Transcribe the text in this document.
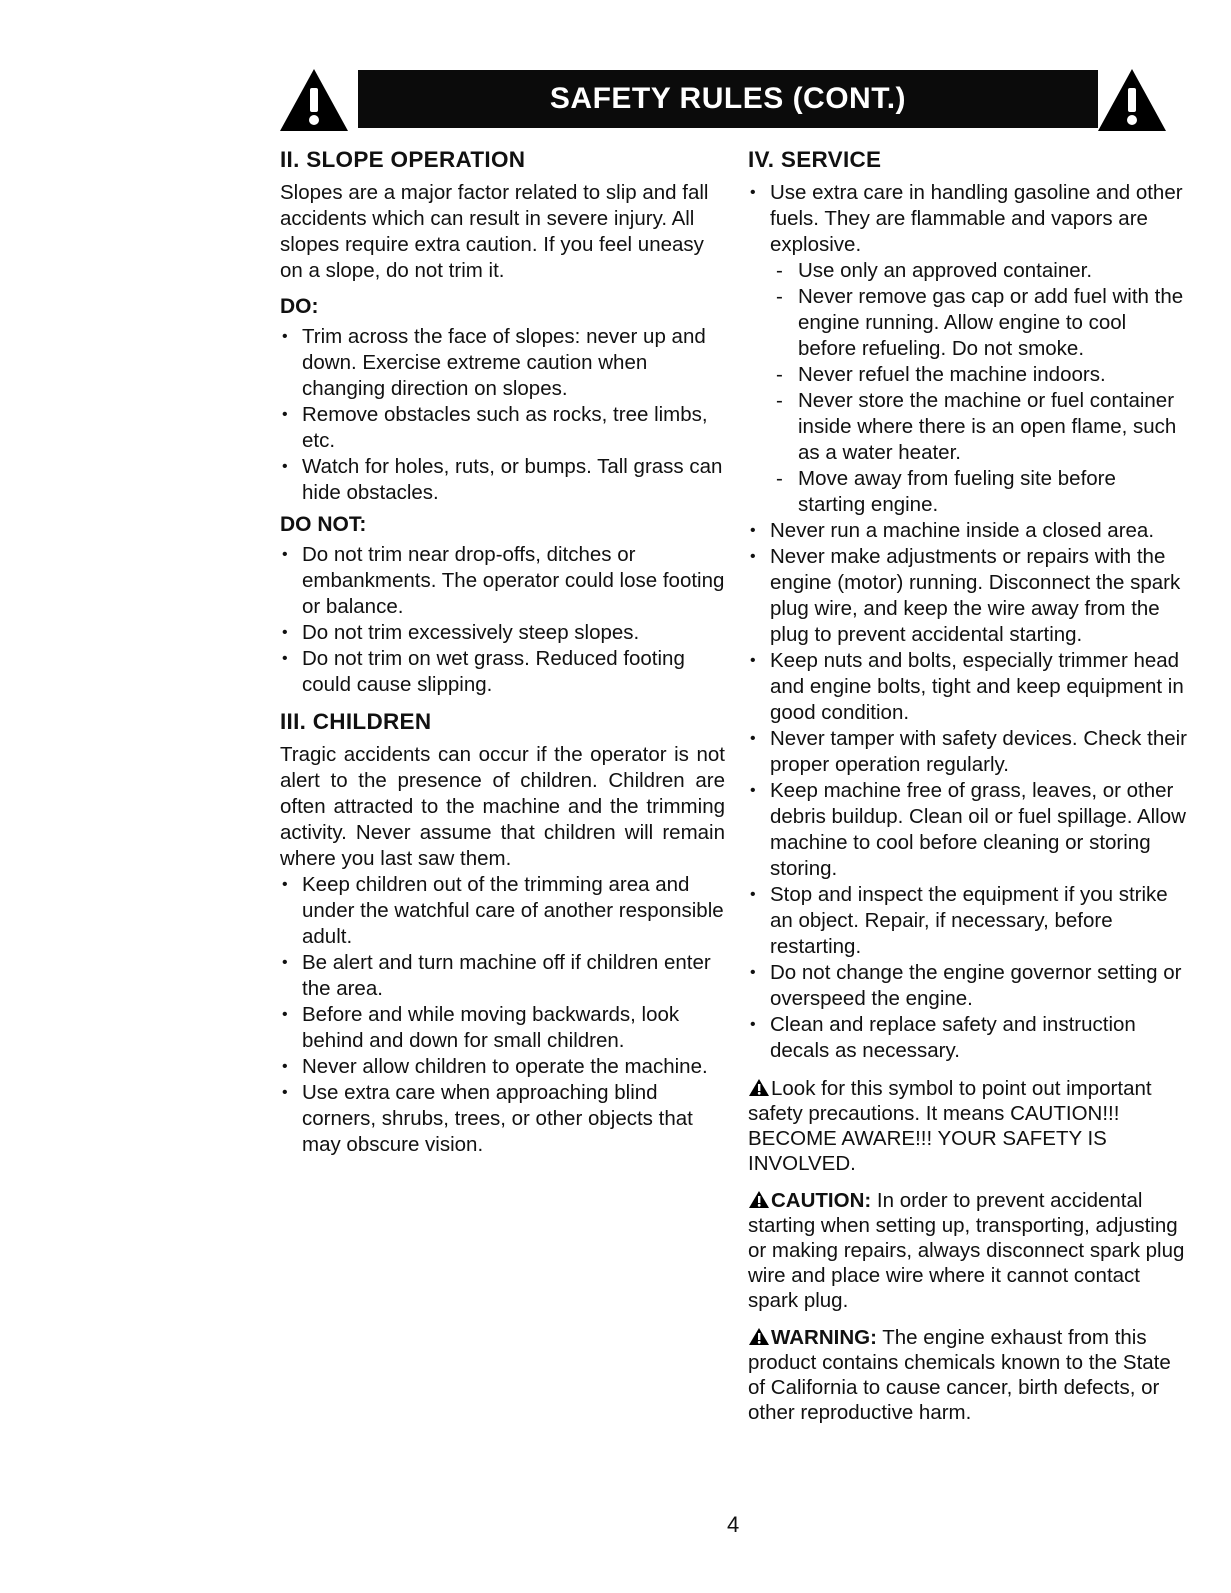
SAFETY RULES (CONT.)
II. SLOPE OPERATION

Slopes are a major factor related to slip and fall accidents which can result in severe injury. All slopes require extra caution. If you feel uneasy on a slope, do not trim it.

DO:
• Trim across the face of slopes: never up and down. Exercise extreme caution when changing direction on slopes.
• Remove obstacles such as rocks, tree limbs, etc.
• Watch for holes, ruts, or bumps. Tall grass can hide obstacles.
DO NOT:
• Do not trim near drop-offs, ditches or embankments. The operator could lose footing or balance.
• Do not trim excessively steep slopes.
• Do not trim on wet grass. Reduced footing could cause slipping.
III. CHILDREN

Tragic accidents can occur if the operator is not alert to the presence of children. Children are often attracted to the machine and the trimming activity. Never assume that children will remain where you last saw them.

• Keep children out of the trimming area and under the watchful care of another responsible adult.
• Be alert and turn machine off if children enter the area.
• Before and while moving backwards, look behind and down for small children.
• Never allow children to operate the machine.
• Use extra care when approaching blind corners, shrubs, trees, or other objects that may obscure vision.
IV. SERVICE
• Use extra care in handling gasoline and other fuels. They are flammable and vapors are explosive.
- Use only an approved container.
- Never remove gas cap or add fuel with the engine running. Allow engine to cool before refueling. Do not smoke.
- Never refuel the machine indoors.
- Never store the machine or fuel container inside where there is an open flame, such as a water heater.
- Move away from fueling site before starting engine.
• Never run a machine inside a closed area.
• Never make adjustments or repairs with the engine (motor) running. Disconnect the spark plug wire, and keep the wire away from the plug to prevent accidental starting.
• Keep nuts and bolts, especially trimmer head and engine bolts, tight and keep equipment in good condition.
• Never tamper with safety devices. Check their proper operation regularly.
• Keep machine free of grass, leaves, or other debris buildup. Clean oil or fuel spillage. Allow machine to cool before cleaning or storing storing.
• Stop and inspect the equipment if you strike an object. Repair, if necessary, before restarting.
• Do not change the engine governor setting or overspeed the engine.
• Clean and replace safety and instruction decals as necessary.

Look for this symbol to point out important safety precautions. It means CAUTION!!! BECOME AWARE!!! YOUR SAFETY IS INVOLVED.

CAUTION: In order to prevent accidental starting when setting up, transporting, adjusting or making repairs, always disconnect spark plug wire and place wire where it cannot contact spark plug.

WARNING: The engine exhaust from this product contains chemicals known to the State of California to cause cancer, birth defects, or other reproductive harm.

4
